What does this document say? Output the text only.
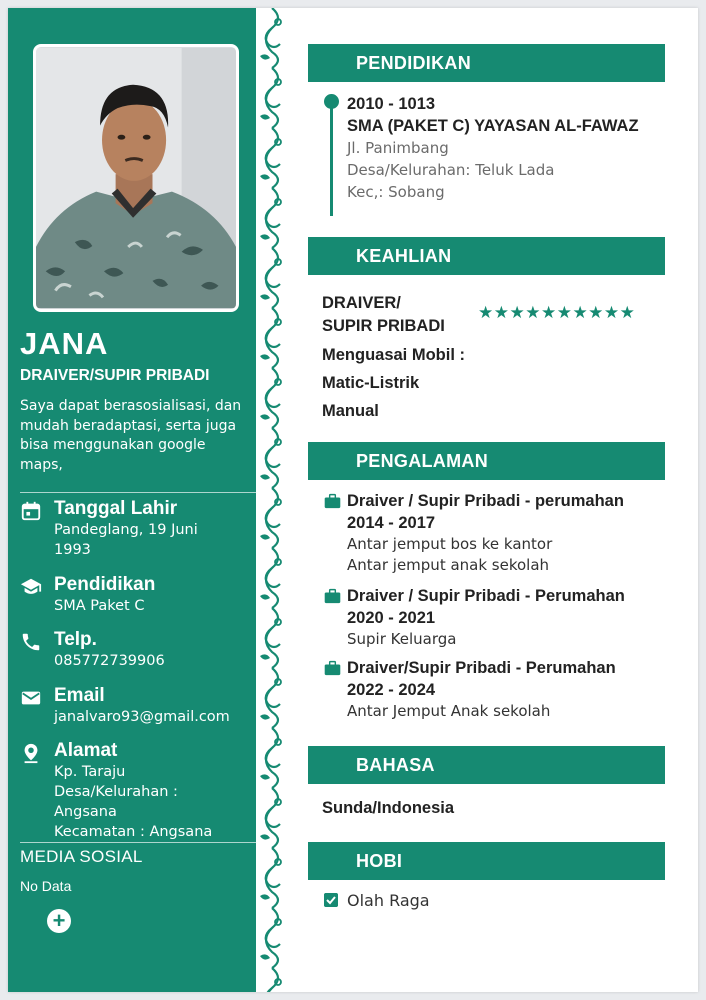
JANA
DRAIVER/SUPIR PRIBADI
Saya dapat berasosialisasi, dan mudah beradaptasi, serta juga bisa menggunakan google maps,
Tanggal Lahir
Pandeglang, 19 Juni
1993
Pendidikan
SMA Paket C
Telp.
085772739906
Email
janalvaro93@gmail.com
Alamat
Kp. Taraju
Desa/Kelurahan :
Angsana
Kecamatan : Angsana
MEDIA SOSIAL
No Data
+
PENDIDIKAN
2010 - 1013
SMA (PAKET C) YAYASAN AL-FAWAZ
Jl. Panimbang
Desa/Kelurahan: Teluk Lada
Kec,: Sobang
KEAHLIAN
DRAIVER/
SUPIR PRIBADI
★★★★★★★★★★
Menguasai Mobil :
Matic-Listrik
Manual
PENGALAMAN
Draiver / Supir Pribadi - perumahan
2014 - 2017
Antar jemput bos ke kantor
Antar jemput anak sekolah
Draiver / Supir Pribadi - Perumahan
2020 - 2021
Supir Keluarga
Draiver/Supir Pribadi - Perumahan
2022 - 2024
Antar Jemput Anak sekolah
BAHASA
Sunda/Indonesia
HOBI
Olah Raga
